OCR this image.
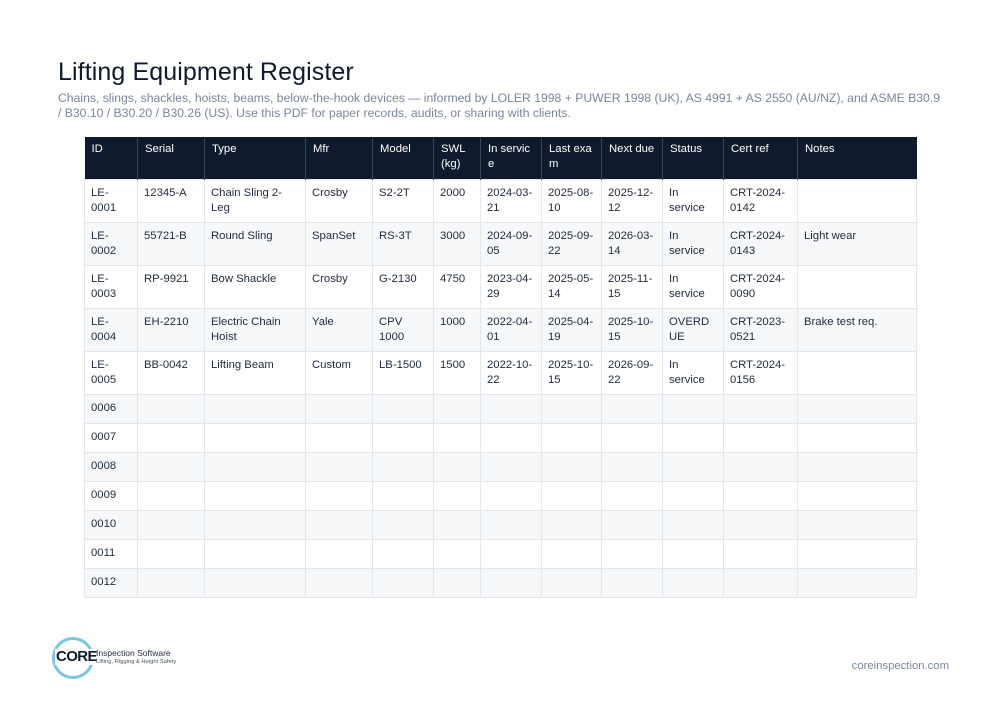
Lifting Equipment Register

Chains, slings, shackles, hoists, beams, below-the-hook devices — informed by LOLER 1998 + PUWER 1998 (UK), AS 4991 + AS 2550 (AU/NZ), and ASME B30.9 / B30.10 / B30.20 / B30.26 (US). Use this PDF for paper records, audits, or sharing with clients.

ID	Serial	Type	Mfr	Model	SWL (kg)	In service	Last exam	Next due	Status	Cert ref	Notes
LE-0001	12345-A	Chain Sling 2-Leg	Crosby	S2-2T	2000	2024-03-21	2025-08-10	2025-12-12	In service	CRT-2024-0142	
LE-0002	55721-B	Round Sling	SpanSet	RS-3T	3000	2024-09-05	2025-09-22	2026-03-14	In service	CRT-2024-0143	Light wear
LE-0003	RP-9921	Bow Shackle	Crosby	G-2130	4750	2023-04-29	2025-05-14	2025-11-15	In service	CRT-2024-0090	
LE-0004	EH-2210	Electric Chain Hoist	Yale	CPV 1000	1000	2022-04-01	2025-04-19	2025-10-15	OVERDUE	CRT-2023-0521	Brake test req.
LE-0005	BB-0042	Lifting Beam	Custom	LB-1500	1500	2022-10-22	2025-10-15	2026-09-22	In service	CRT-2024-0156	
0006											
0007											
0008											
0009											
0010											
0011											
0012											
CORE Inspection Software
Lifting, Rigging & Height Safety	coreinspection.com
